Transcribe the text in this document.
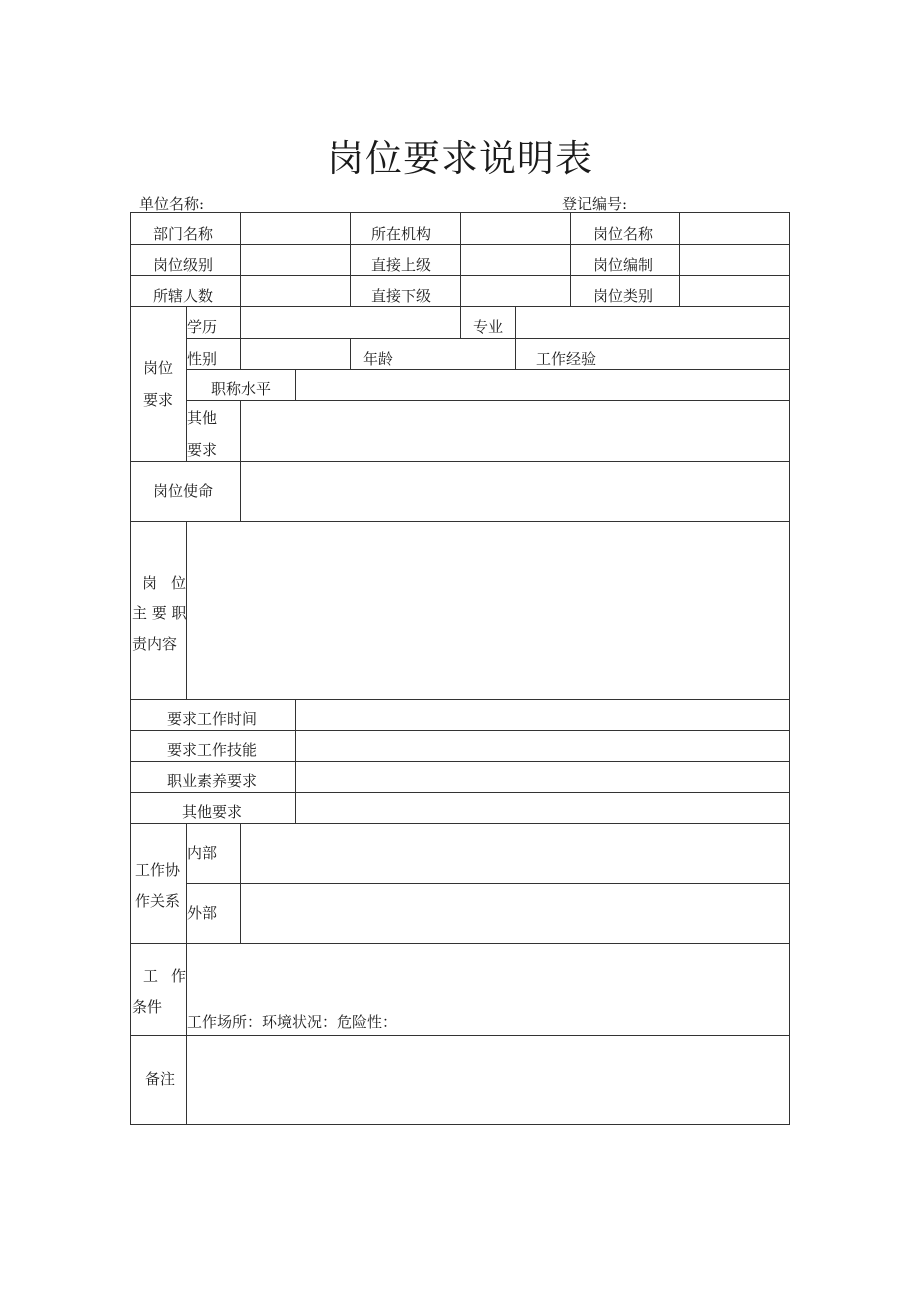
岗位要求说明表
单位名称:	登记编号:
部门名称	所在机构	岗位名称
岗位级别	直接上级	岗位编制
所辖人数	直接下级	岗位类别
岗位
要求
学历	专业
性别	年龄	工作经验
职称水平
其他
要求
岗位使命
岗 位
主 要 职
责内容
要求工作时间
要求工作技能
职业素养要求
其他要求
工作协
作关系
内部
外部
工 作
条件
工作场所：环境状况：危险性：
备注
